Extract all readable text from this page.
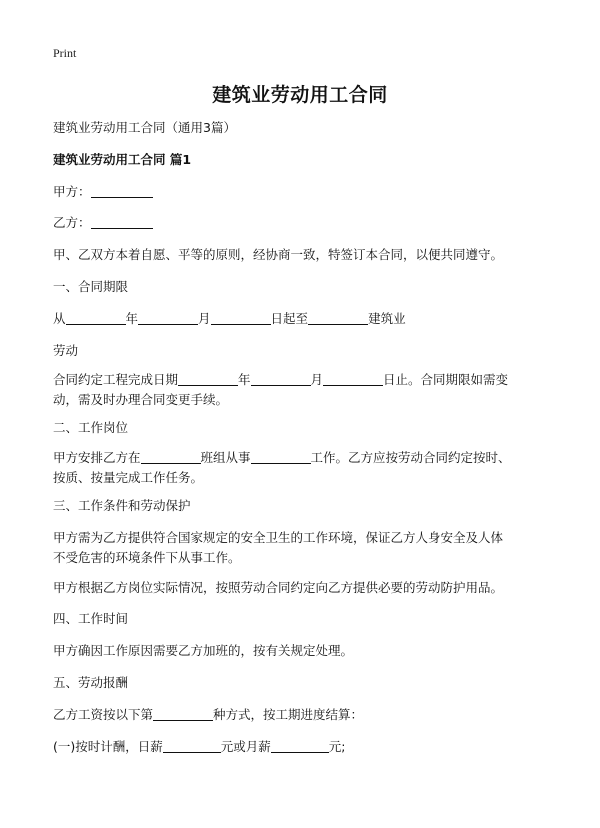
Print
建筑业劳动用工合同
建筑业劳动用工合同（通用3篇）
建筑业劳动用工合同 篇1
甲方：
乙方：
甲、乙双方本着自愿、平等的原则，经协商一致，特签订本合同，以便共同遵守。
一、合同期限
从	年	月	日起至	建筑业
劳动
合同约定工程完成日期	年	月	日止。合同期限如需变
动，需及时办理合同变更手续。
二、工作岗位
甲方安排乙方在	班组从事	工作。乙方应按劳动合同约定按时、
按质、按量完成工作任务。
三、工作条件和劳动保护
甲方需为乙方提供符合国家规定的安全卫生的工作环境，保证乙方人身安全及人体
不受危害的环境条件下从事工作。
甲方根据乙方岗位实际情况，按照劳动合同约定向乙方提供必要的劳动防护用品。
四、工作时间
甲方确因工作原因需要乙方加班的，按有关规定处理。
五、劳动报酬
乙方工资按以下第	种方式，按工期进度结算：
(一)按时计酬，日薪	元或月薪	元;
